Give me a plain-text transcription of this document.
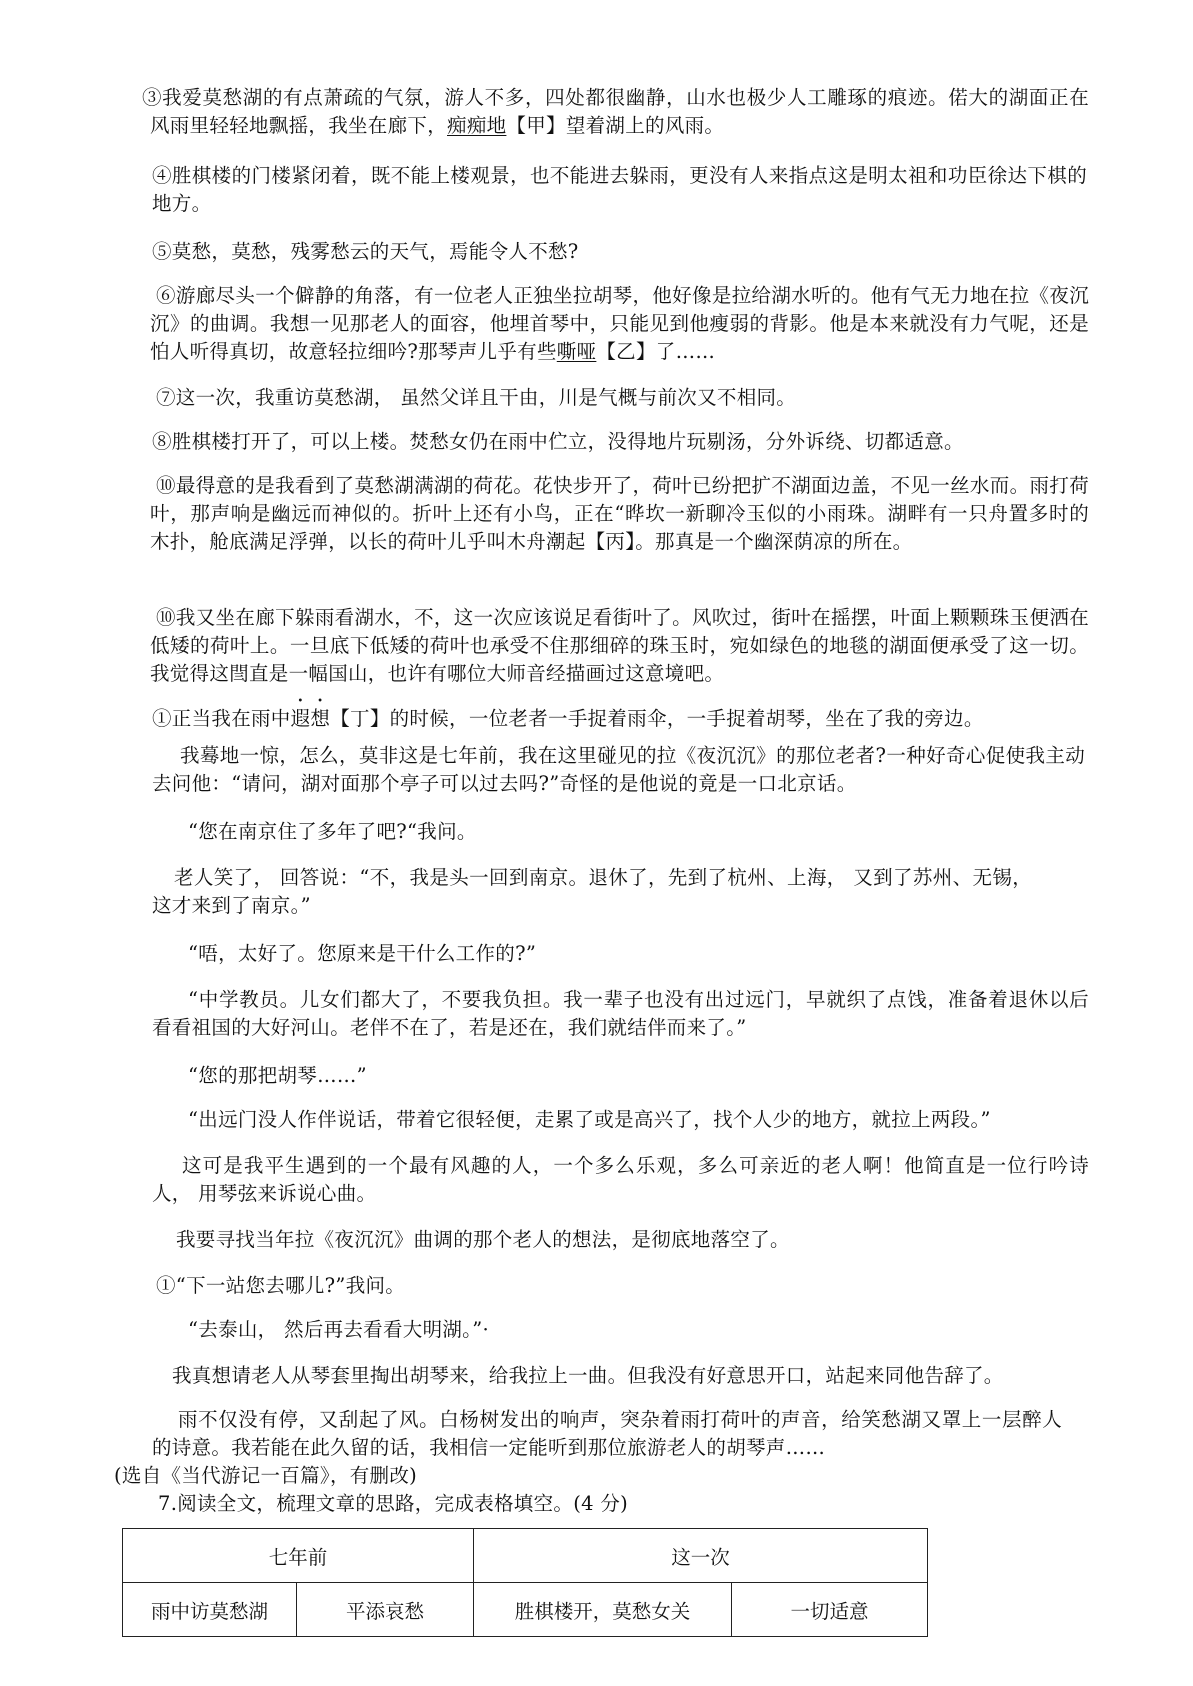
③我爱莫愁湖的有点萧疏的气氛，游人不多，四处都很幽静，山水也极少人工雕琢的痕迹。偌大的湖面正在风雨里轻轻地飘摇，我坐在廊下，痴痴地【甲】望着湖上的风雨。

④胜棋楼的门楼紧闭着，既不能上楼观景，也不能进去躲雨，更没有人来指点这是明太祖和功臣徐达下棋的地方。

⑤莫愁，莫愁，残雾愁云的天气，焉能令人不愁?

⑥游廊尽头一个僻静的角落，有一位老人正独坐拉胡琴，他好像是拉给湖水听的。他有气无力地在拉《夜沉沉》的曲调。我想一见那老人的面容，他埋首琴中，只能见到他瘦弱的背影。他是本来就没有力气呢，还是怕人听得真切，故意轻拉细吟?那琴声儿乎有些嘶哑【乙】了……

⑦这一次，我重访莫愁湖， 虽然父详且干由，川是气概与前次又不相同。

⑧胜棋楼打开了，可以上楼。焚愁女仍在雨中伫立，没得地片玩剔汤，分外诉绕、切都适意。

⑩最得意的是我看到了莫愁湖满湖的荷花。花快步开了，荷叶已纷把扩不湖面边盖，不见一丝水而。雨打荷叶，那声响是幽远而神似的。折叶上还有小鸟，正在“晔坎一新聊冷玉似的小雨珠。湖畔有一只舟置多时的木扑，舱底满足浮弹，以长的荷叶儿乎叫木舟潮起【丙】。那真是一个幽深荫凉的所在。

⑩我又坐在廊下躲雨看湖水，不，这一次应该说足看街叶了。风吹过，街叶在摇摆，叶面上颗颗珠玉便洒在低矮的荷叶上。一旦底下低矮的荷叶也承受不住那细碎的珠玉时，宛如绿色的地毯的湖面便承受了这一切。我觉得这閆直是一幅国山，也许有哪位大师音经描画过这意境吧。

①正当我在雨中遐想【丁】的时候，一位老者一手捉着雨伞，一手捉着胡琴，坐在了我的旁边。

我蓦地一惊，怎么，莫非这是七年前，我在这里碰见的拉《夜沉沉》的那位老者?一种好奇心促使我主动去问他：“请问，湖对面那个亭子可以过去吗?”奇怪的是他说的竟是一口北京话。

“您在南京住了多年了吧?“我问。

老人笑了， 回答说：“不，我是头一回到南京。退休了，先到了杭州、上海， 又到了苏州、无锡，这才来到了南京。”

“唔，太好了。您原来是干什么工作的?”

“中学教员。儿女们都大了，不要我负担。我一辈子也没有出过远门，早就织了点饯，准备着退休以后看看祖国的大好河山。老伴不在了，若是还在，我们就结伴而来了。”

“您的那把胡琴……”

“出远门没人作伴说话，带着它很轻便，走累了或是高兴了，找个人少的地方，就拉上两段。”

这可是我平生遇到的一个最有风趣的人，一个多么乐观，多么可亲近的老人啊！他简直是一位行吟诗人， 用琴弦来诉说心曲。

我要寻找当年拉《夜沉沉》曲调的那个老人的想法，是彻底地落空了。

①“下一站您去哪儿?”我问。

“去泰山， 然后再去看看大明湖。”·

我真想请老人从琴套里掏出胡琴来，给我拉上一曲。但我没有好意思开口，站起来同他告辞了。

雨不仅没有停，又刮起了风。白杨树发出的响声，突杂着雨打荷叶的声音，给笑愁湖又罩上一层醉人的诗意。我若能在此久留的话，我相信一定能听到那位旅游老人的胡琴声……

(选自《当代游记一百篇》，有删改)

7.阅读全文，梳理文章的思路，完成表格填空。(4 分)

七年前		这一次	
雨中访莫愁湖	平添哀愁	胜棋楼开，莫愁女关	一切适意
